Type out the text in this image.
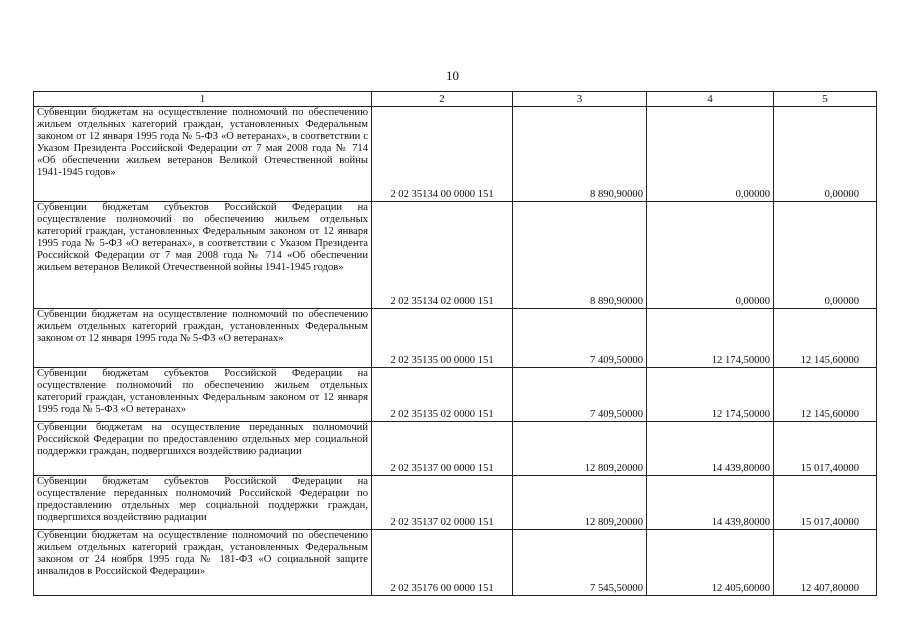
10
1	2	3	4	5
Субвенции бюджетам на осуществление полномочий по обеспечению жильем отдельных категорий граждан, установленных Федеральным законом от 12 января 1995 года № 5-ФЗ «О ветеранах», в соответствии с Указом Президента Российской Федерации от 7 мая 2008 года № 714 «Об обеспечении жильем ветеранов Великой Отечественной войны 1941-1945 годов»	2 02 35134 00 0000 151	8 890,90000	0,00000	0,00000
Субвенции бюджетам субъектов Российской Федерации на осуществление полномочий по обеспечению жильем отдельных категорий граждан, установленных Федеральным законом от 12 января 1995 года № 5-ФЗ «О ветеранах», в соответствии с Указом Президента Российской Федерации от 7 мая 2008 года № 714 «Об обеспечении жильем ветеранов Великой Отечественной войны 1941-1945 годов»	2 02 35134 02 0000 151	8 890,90000	0,00000	0,00000
Субвенции бюджетам на осуществление полномочий по обеспечению жильем отдельных категорий граждан, установленных Федеральным законом от 12 января 1995 года № 5-ФЗ «О ветеранах»	2 02 35135 00 0000 151	7 409,50000	12 174,50000	12 145,60000
Субвенции бюджетам субъектов Российской Федерации на осуществление полномочий по обеспечению жильем отдельных категорий граждан, установленных Федеральным законом от 12 января 1995 года № 5-ФЗ «О ветеранах»	2 02 35135 02 0000 151	7 409,50000	12 174,50000	12 145,60000
Субвенции бюджетам на осуществление переданных полномочий Российской Федерации по предоставлению отдельных мер социальной поддержки граждан, подвергшихся воздействию радиации	2 02 35137 00 0000 151	12 809,20000	14 439,80000	15 017,40000
Субвенции бюджетам субъектов Российской Федерации на осуществление переданных полномочий Российской Федерации по предоставлению отдельных мер социальной поддержки граждан, подвергшихся воздействию радиации	2 02 35137 02 0000 151	12 809,20000	14 439,80000	15 017,40000
Субвенции бюджетам на осуществление полномочий по обеспечению жильем отдельных категорий граждан, установленных Федеральным законом от 24 ноября 1995 года № 181-ФЗ «О социальной защите инвалидов в Российской Федерации»	2 02 35176 00 0000 151	7 545,50000	12 405,60000	12 407,80000
